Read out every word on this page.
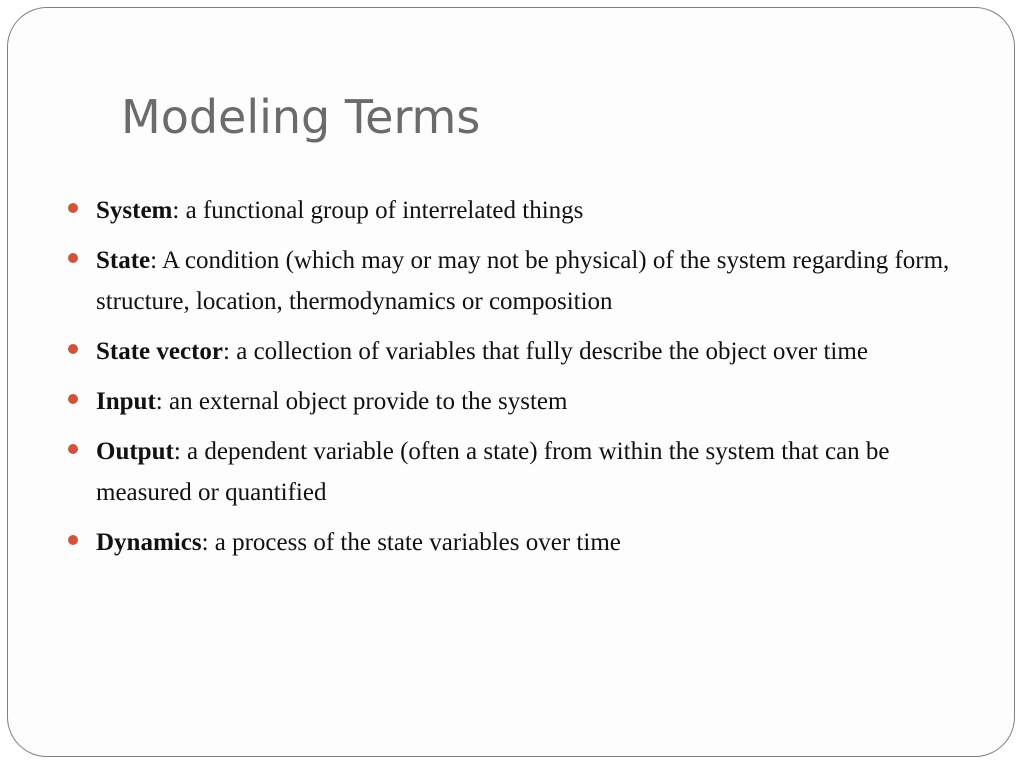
Modeling Terms
System: a functional group of interrelated things
State: A condition (which may or may not be physical) of the system regarding form, structure, location, thermodynamics or composition
State vector: a collection of variables that fully describe the object over time
Input: an external object provide to the system
Output: a dependent variable (often a state) from within the system that can be measured or quantified
Dynamics: a process of the state variables over time
